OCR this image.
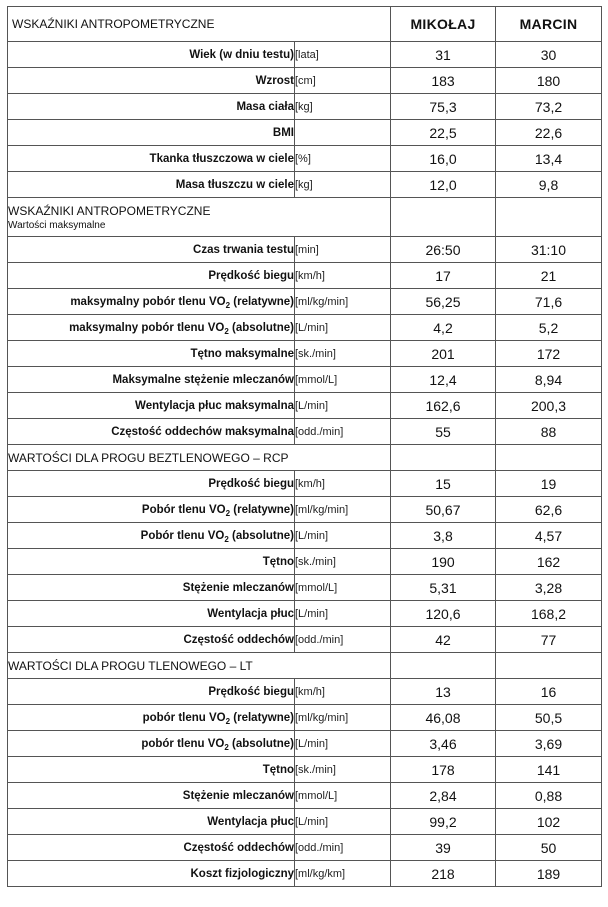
WSKAŹNIKI ANTROPOMETRYCZNE		MIKOŁAJ	MARCIN
Wiek (w dniu testu)	[lata]	31	30
Wzrost	[cm]	183	180
Masa ciała	[kg]	75,3	73,2
BMI		22,5	22,6
Tkanka tłuszczowa w ciele	[%]	16,0	13,4
Masa tłuszczu w ciele	[kg]	12,0	9,8
WSKAŹNIKI ANTROPOMETRYCZNE
Wartości maksymalne			

Czas trwania testu	[min]	26:50	31:10
Prędkość biegu	[km/h]	17	21
maksymalny pobór tlenu $VO_2$ (relatywne)	[ml/kg/min]	56,25	71,6
maksymalny pobór tlenu $VO_2$ (absolutne)	[L/min]	4,2	5,2
Tętno maksymalne	[sk./min]	201	172
Maksymalne stężenie mleczanów	[mmol/L]	12,4	8,94
Wentylacja płuc maksymalna	[L/min]	162,6	200,3
Częstość oddechów maksymalna	[odd./min]	55	88
WARTOŚCI DLA PROGU BEZTLENOWEGO – RCP			
Prędkość biegu	[km/h]	15	19
Pobór tlenu $VO_2$ (relatywne)	[ml/kg/min]	50,67	62,6
Pobór tlenu $VO_2$ (absolutne)	[L/min]	3,8	4,57
Tętno	[sk./min]	190	162
Stężenie mleczanów	[mmol/L]	5,31	3,28
Wentylacja płuc	[L/min]	120,6	168,2
Częstość oddechów	[odd./min]	42	77
WARTOŚCI DLA PROGU TLENOWEGO – LT			
Prędkość biegu	[km/h]	13	16
pobór tlenu $VO_2$ (relatywne)	[ml/kg/min]	46,08	50,5
pobór tlenu $VO_2$ (absolutne)	[L/min]	3,46	3,69
Tętno	[sk./min]	178	141
Stężenie mleczanów	[mmol/L]	2,84	0,88
Wentylacja płuc	[L/min]	99,2	102
Częstość oddechów	[odd./min]	39	50
Koszt fizjologiczny	[ml/kg/km]	218	189
